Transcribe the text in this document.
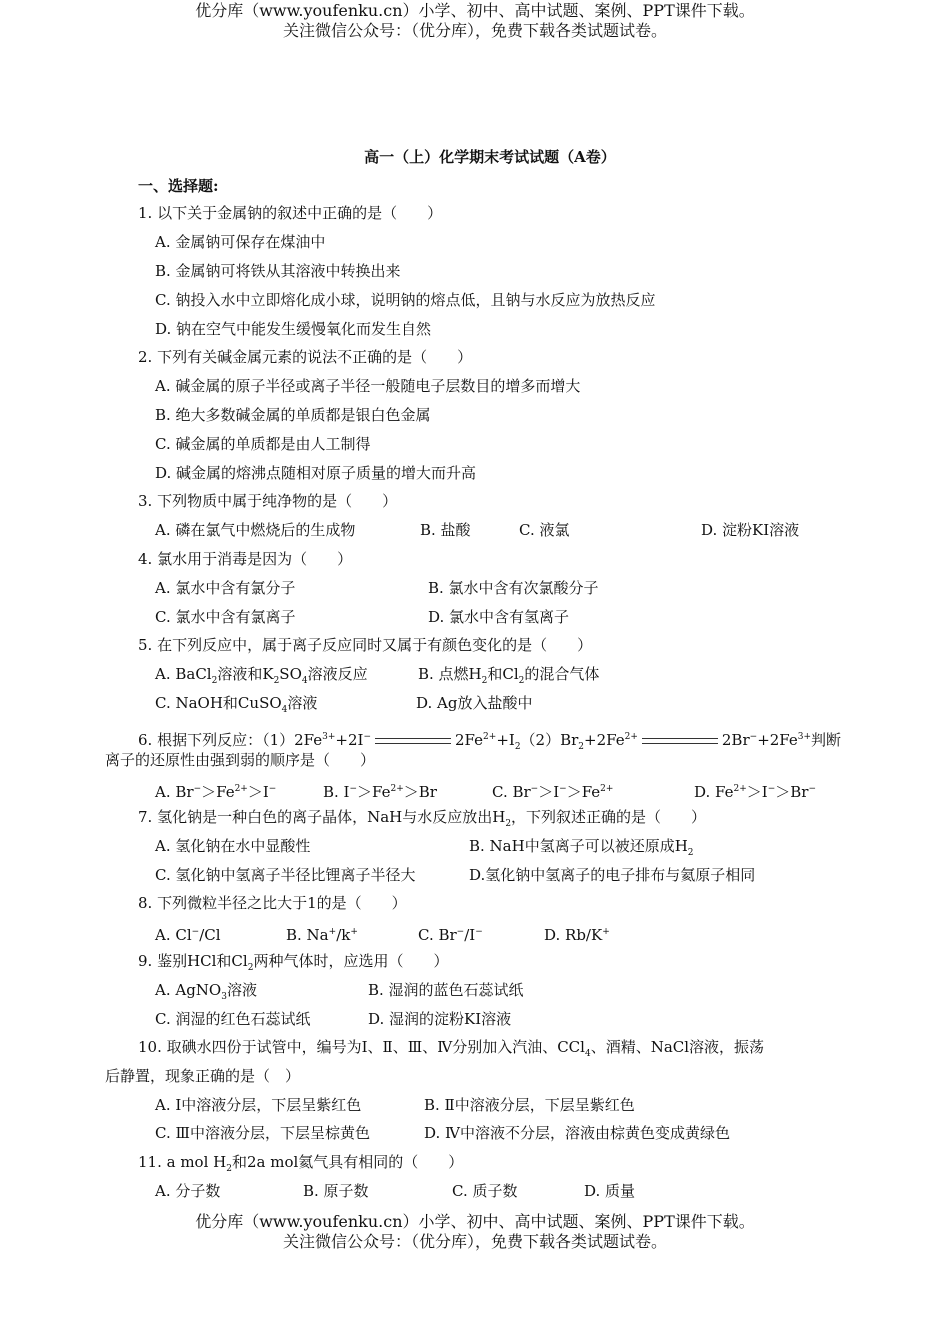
优分库（www.youfenku.cn）小学、初中、高中试题、案例、PPT课件下载。
关注微信公众号：（优分库），免费下载各类试题试卷。
高一（上）化学期末考试试题（A卷）
一、选择题:
1. 以下关于金属钠的叙述中正确的是（　　）
A. 金属钠可保存在煤油中
B. 金属钠可将铁从其溶液中转换出来
C. 钠投入水中立即熔化成小球，说明钠的熔点低，且钠与水反应为放热反应
D. 钠在空气中能发生缓慢氧化而发生自然
2. 下列有关碱金属元素的说法不正确的是（　　）
A. 碱金属的原子半径或离子半径一般随电子层数目的增多而增大
B. 绝大多数碱金属的单质都是银白色金属
C. 碱金属的单质都是由人工制得
D. 碱金属的熔沸点随相对原子质量的增大而升高
3. 下列物质中属于纯净物的是（　　）
A. 磷在氯气中燃烧后的生成物	B. 盐酸	C. 液氯	D. 淀粉KI溶液
4. 氯水用于消毒是因为（　　）
A. 氯水中含有氯分子	B. 氯水中含有次氯酸分子
C. 氯水中含有氯离子	D. 氯水中含有氢离子
5. 在下列反应中，属于离子反应同时又属于有颜色变化的是（　　）
A. BaCl$_2$溶液和$K_2SO_4$溶液反应	B. 点燃$H_2$和$Cl_2$的混合气体
C. NaOH和CuSO$_4$溶液	D. Ag放入盐酸中
6. 根据下列反应：$(1)2Fe^{3+}+2I^-$	$2Fe^{2+}+I_2(2)Br_2+2Fe^{2+}$	$2Br^-+2Fe^{3+}$判断
离子的还原性由强到弱的顺序是（　　）
A. $Br^->Fe^{2+}>I^-$	B. $I^->Fe^{2+}>Br$	C. $Br^->I^->Fe^{2+}$	D. $Fe^{2+}>I^->Br^-$
7. 氢化钠是一种白色的离子晶体，NaH与水反应放出$H_2$，下列叙述正确的是（　　）
A. 氢化钠在水中显酸性	B. NaH中氢离子可以被还原成$H_2$
C. 氢化钠中氢离子半径比锂离子半径大	D.氢化钠中氢离子的电子排布与氦原子相同
8. 下列微粒半径之比大于1的是（　　）
A. Cl−/Cl	B. Na+/k+	C. Br−/I−	D. Rb/K+
9. 鉴别HCl和$Cl_2$两种气体时，应选用（　　）
A. AgNO$_3$溶液	B. 湿润的蓝色石蕊试纸
C. 润湿的红色石蕊试纸	D. 湿润的淀粉KI溶液
10. 取碘水四份于试管中，编号为Ⅰ、Ⅱ、Ⅲ、Ⅳ分别加入汽油、CCl$_4$、酒精、NaCl溶液，振荡
后静置，现象正确的是（　）
A. Ⅰ中溶液分层，下层呈紫红色	B. Ⅱ中溶液分层，下层呈紫红色
C. Ⅲ中溶液分层，下层呈棕黄色	D. Ⅳ中溶液不分层，溶液由棕黄色变成黄绿色
11. a mol $H_2$和2a mol氦气具有相同的（　　）
A. 分子数	B. 原子数	C. 质子数	D. 质量
优分库（www.youfenku.cn）小学、初中、高中试题、案例、PPT课件下载。
关注微信公众号：（优分库），免费下载各类试题试卷。
